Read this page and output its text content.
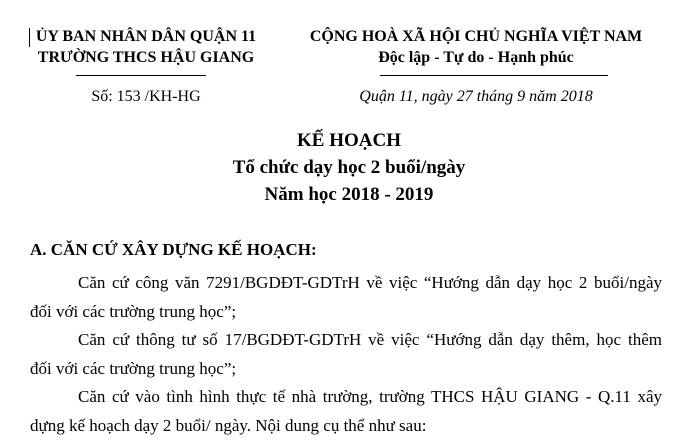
ỦY BAN NHÂN DÂN QUẬN 11
TRƯỜNG THCS HẬU GIANG
Số: 153 /KH-HG
CỘNG HOÀ XÃ HỘI CHỦ NGHĨA VIỆT NAM
Độc lập - Tự do - Hạnh phúc
Quận 11, ngày 27 tháng 9 năm 2018
KẾ HOẠCH
Tổ chức dạy học 2 buổi/ngày
Năm học 2018 - 2019
A. CĂN CỨ XÂY DỰNG KẾ HOẠCH:
Căn cứ công văn 7291/BGDĐT-GDTrH về việc “Hướng dẫn dạy học 2 buổi/ngày
đối với các trường trung học”;
Căn cứ thông tư số 17/BGDĐT-GDTrH về việc “Hướng dẫn dạy thêm, học thêm
đối với các trường trung học”;
Căn cứ vào tình hình thực tế nhà trường, trường THCS HẬU GIANG - Q.11 xây
dựng kế hoạch dạy 2 buổi/ ngày. Nội dung cụ thể như sau:
